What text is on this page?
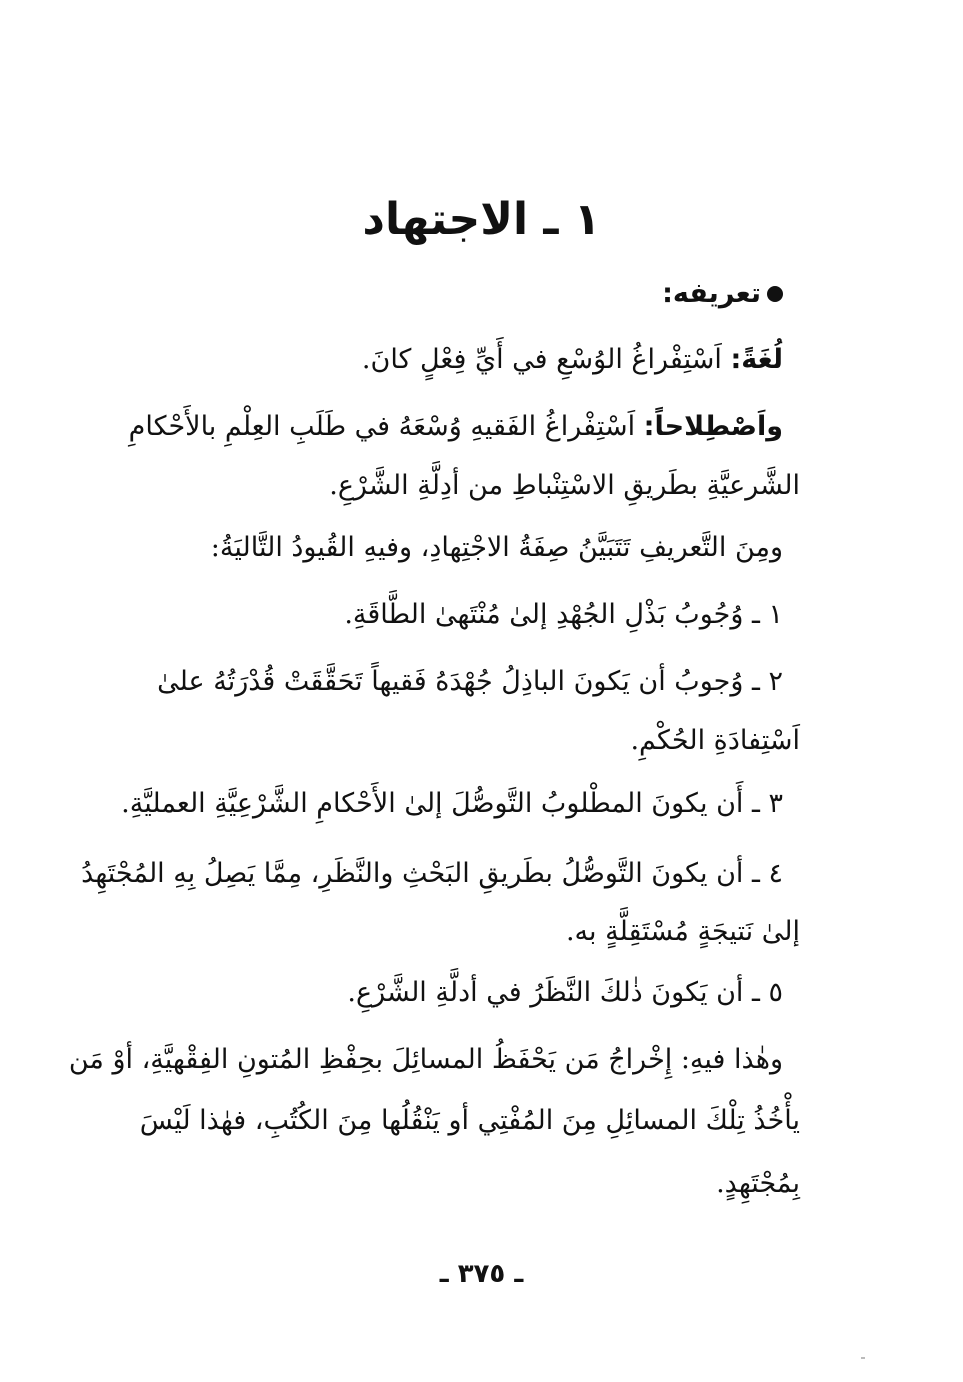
١ ـ الاجتهاد
تعريفه:
لُغَةً: اَسْتِفْراغُ الوُسْعِ في أَيِّ فِعْلٍ كانَ.
واَصْطِلاحاً: اَسْتِفْراغُ الفَقيهِ وُسْعَهُ في طَلَبِ العِلْمِ بالأَحْكامِ
الشَّرعيَّةِ بطَريقِ الاسْتِنْباطِ من أدِلَّةِ الشَّرْعِ.
ومِنَ التَّعريفِ تَتَبَيَّنُ صِفَةُ الاجْتِهادِ، وفيهِ القُيودُ التَّاليَةُ:
١ ـ وُجُوبُ بَذْلِ الجُهْدِ إلىٰ مُنْتَهىٰ الطَّاقَةِ.
٢ ـ وُجوبُ أن يَكونَ الباذِلُ جُهْدَهُ فَقيهاً تَحَقَّقَتْ قُدْرَتُهُ علىٰ
اَسْتِفادَةِ الحُكْمِ.
٣ ـ أَن يكونَ المطْلوبُ التَّوصُّلَ إلىٰ الأَحْكامِ الشَّرْعِيَّةِ العمليَّةِ.
٤ ـ أن يكونَ التَّوصُّلُ بطَريقِ البَحْثِ والنَّظَرِ، مِمَّا يَصِلُ بِهِ المُجْتَهِدُ
إلىٰ نَتيجَةٍ مُسْتَقِلَّةٍ به.
٥ ـ أن يَكونَ ذٰلكَ النَّظَرُ في أدلَّةِ الشَّرْعِ.
وهٰذا فيهِ: إِخْراجُ مَن يَحْفَظُ المسائِلَ بحِفْظِ المُتونِ الفِقْهيَّةِ، أوْ مَن
يأْخُذُ تِلْكَ المسائِلِ مِنَ المُفْتِي أو يَنْقُلُها مِنَ الكُتُبِ، فهٰذا لَيْسَ
بِمُجْتَهِدٍ.
ـ ٣٧٥ ـ
